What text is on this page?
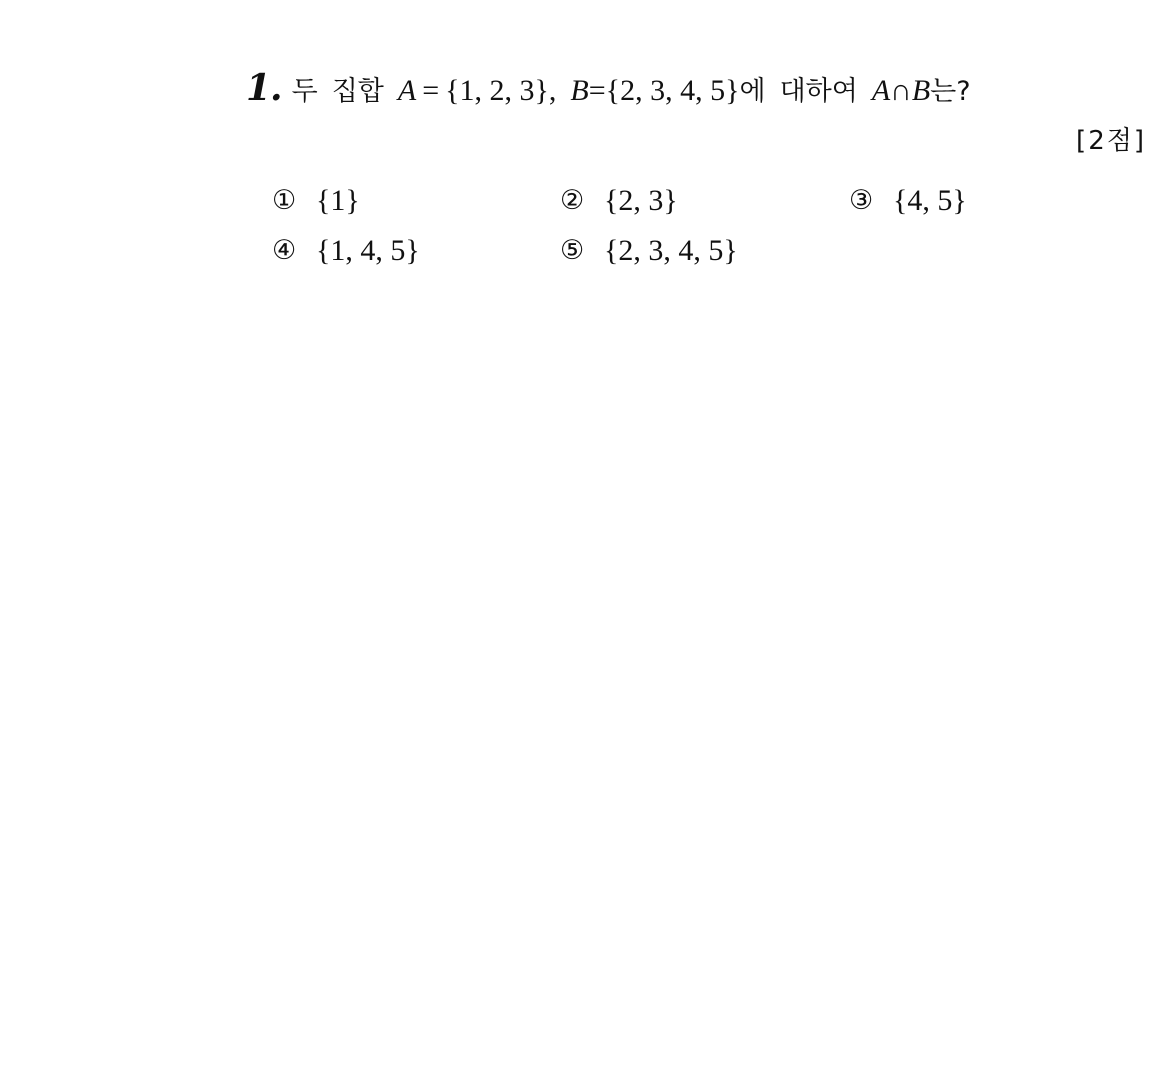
1. 두 집합 A = {1, 2, 3} , B = {2, 3, 4, 5} 에 대하여 A ∩ B 는?
[2점]
① {1}	② {2, 3}	③ {4, 5}
④ {1, 4, 5}	⑤ {2, 3, 4, 5}
